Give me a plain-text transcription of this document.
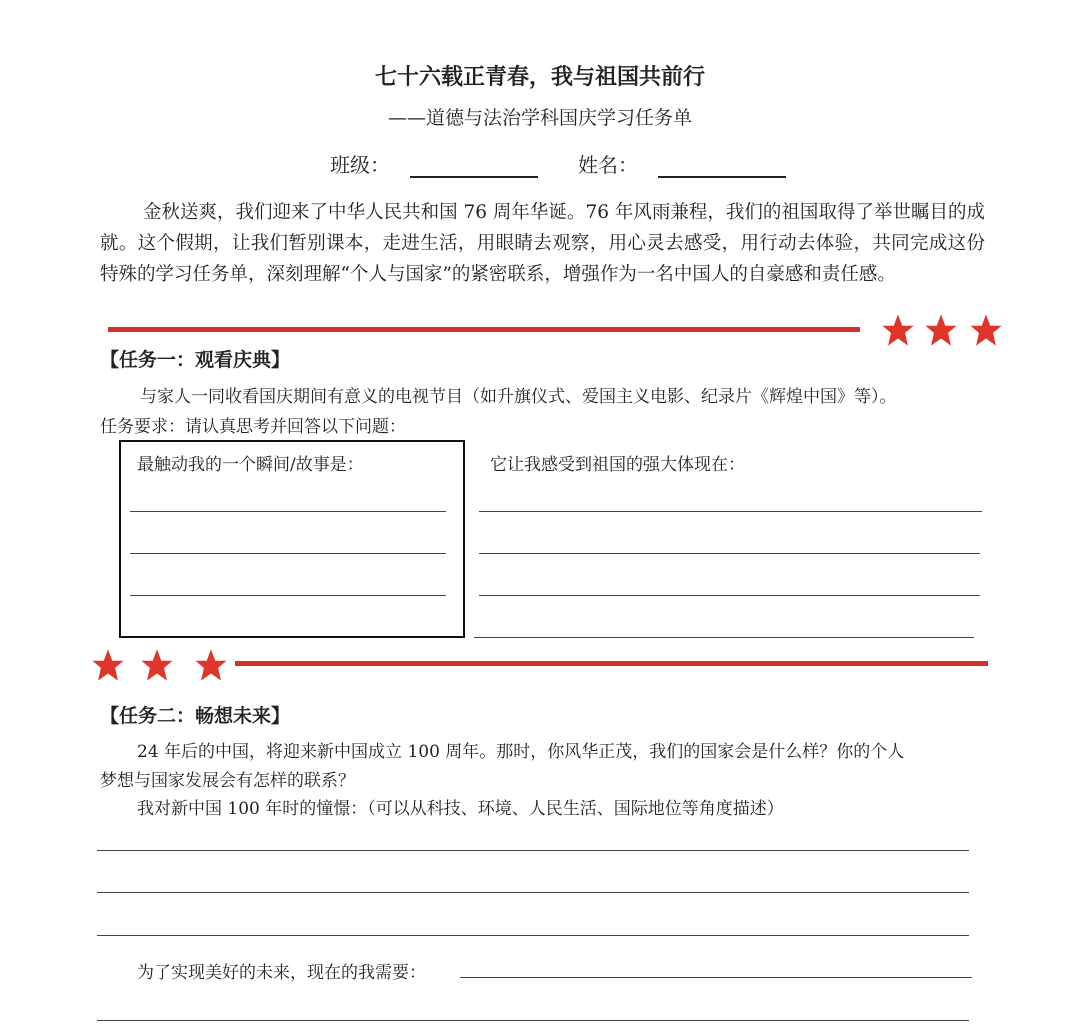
七十六载正青春，我与祖国共前行
——道德与法治学科国庆学习任务单
班级：	姓名：
金秋送爽，我们迎来了中华人民共和国 76 周年华诞。76 年风雨兼程，我们的祖国取得了举世瞩目的成就。这个假期，让我们暂别课本，走进生活，用眼睛去观察，用心灵去感受，用行动去体验，共同完成这份特殊的学习任务单，深刻理解“个人与国家”的紧密联系，增强作为一名中国人的自豪感和责任感。
【任务一：观看庆典】
与家人一同收看国庆期间有意义的电视节目（如升旗仪式、爱国主义电影、纪录片《辉煌中国》等）。
任务要求：请认真思考并回答以下问题：
最触动我的一个瞬间/故事是：	它让我感受到祖国的强大体现在：
【任务二：畅想未来】
24 年后的中国，将迎来新中国成立 100 周年。那时，你风华正茂，我们的国家会是什么样？你的个人
梦想与国家发展会有怎样的联系？
我对新中国 100 年时的憧憬：（可以从科技、环境、人民生活、国际地位等角度描述）
为了实现美好的未来，现在的我需要：
